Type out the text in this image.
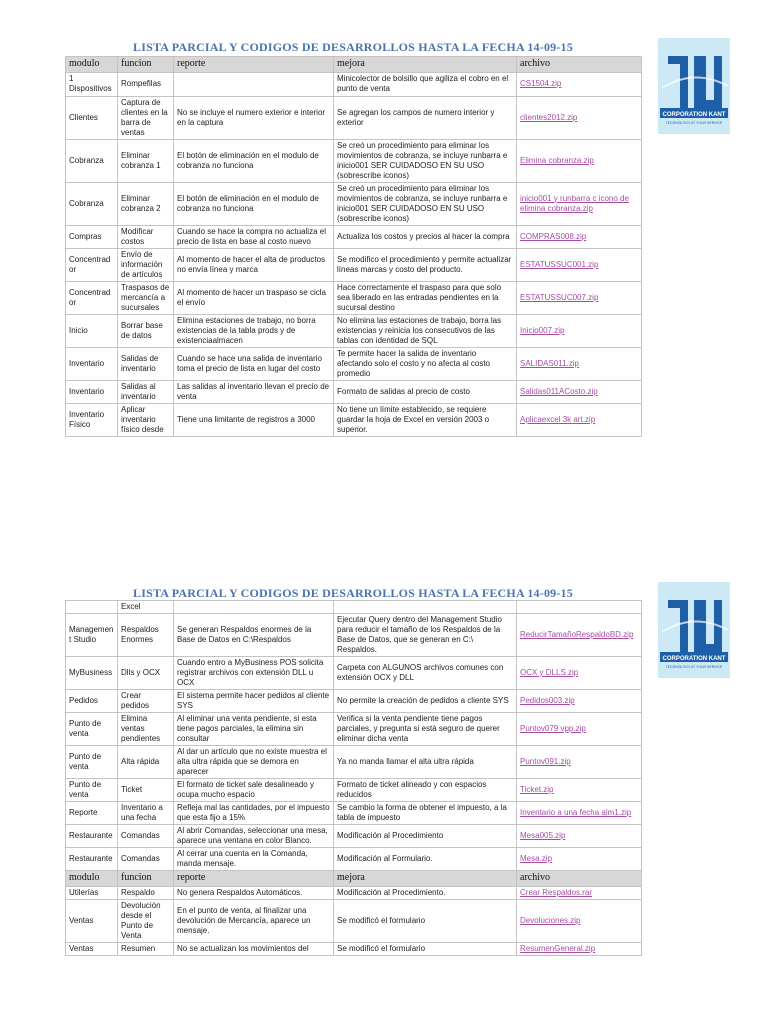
LISTA PARCIAL Y CODIGOS DE DESARROLLOS HASTA LA FECHA 14-09-15
CORPORATION KANT
TECHNOLOGY AT YOUR SERVICE
modulo	funcion	reporte	mejora	archivo
1 Dispositivos	Rompefilas		Minicolector de bolsillo que agiliza el cobro en el punto de venta	CS1504.zip
Clientes	Captura de clientes en la barra de ventas	No se incluye el numero exterior e interior en la captura	Se agregan los campos de numero interior y exterior	clientes2012.zip
Cobranza	Eliminar cobranza 1	El botón de eliminación en el modulo de cobranza no funciona	Se creó un procedimiento para eliminar los movimientos de cobranza, se incluye runbarra e inicio001 SER CUIDADOSO EN SU USO (sobrescribe iconos)	Elimina cobranza.zip
Cobranza	Eliminar cobranza 2	El botón de eliminación en el modulo de cobranza no funciona	Se creó un procedimiento para eliminar los movimientos de cobranza, se incluye runbarra e inicio001 SER CUIDADOSO EN SU USO (sobrescribe iconos)	inicio001 y runbarra c icono de elimina cobranza.zip
Compras	Modificar costos	Cuando se hace la compra no actualiza el precio de lista en base al costo nuevo	Actualiza los costos y precios al hacer la compra	COMPRAS008.zip
Concentrador	Envío de información de artículos	Al momento de hacer el alta de productos no envía línea y marca	Se modifico el procedimiento y permite actualizar líneas marcas y costo del producto.	ESTATUSSUC001.zip
Concentrador	Traspasos de mercancía a sucursales	Al momento de hacer un traspaso se cicla el envío	Hace correctamente el traspaso para que solo sea liberado en las entradas pendientes en la sucursal destino	ESTATUSSUC007.zip
Inicio	Borrar base de datos	Elimina estaciones de trabajo, no borra existencias de la tabla prods y de existenciaalmacen	No elimina las estaciones de trabajo, borra las existencias y reinicia los consecutivos de las tablas con identidad de SQL	Inicio007.zip
Inventario	Salidas de inventario	Cuando se hace una salida de inventario toma el precio de lista en lugar del costo	Te permite hacer la salida de inventario afectando solo el costo y no afecta al costo promedio	SALIDAS011.zip
Inventario	Salidas al inventario	Las salidas al inventario llevan el precio de venta	Formato de salidas al precio de costo	Salidas011ACosto.zip
Inventario Físico	Aplicar inventario físico desde	Tiene una limitante de registros a 3000	No tiene un límite establecido, se requiere guardar la hoja de Excel en versión 2003 o superior.	Aplicaexcel 3k art.zip
LISTA PARCIAL Y CODIGOS DE DESARROLLOS HASTA LA FECHA 14-09-15
CORPORATION KANT
TECHNOLOGY AT YOUR SERVICE
	Excel			
Management Studio	Respaldos Enormes	Se generan Respaldos enormes de la Base de Datos en C:\Respaldos	Ejecutar Query dentro del Management Studio para reducir el tamaño de los Respaldos de la Base de Datos, que se generan en C:\ Respaldos.	ReducirTamañoRespaldoBD.zip
MyBusiness	Dlls y OCX	Cuando entro a MyBusiness POS solicita registrar archivos con extensión DLL u OCX	Carpeta con ALGUNOS archivos comunes con extensión OCX y DLL	OCX y DLLS.zip
Pedidos	Crear pedidos	El sistema permite hacer pedidos al cliente SYS	No permite la creación de pedidos a cliente SYS	Pedidos003.zip
Punto de venta	Elimina ventas pendientes	Al eliminar una venta pendiente, si esta tiene pagos parciales, la elimina sin consultar	Verifica si la venta pendiente tiene pagos parciales, y pregunta si está seguro de querer eliminar dicha venta	Puntov079 vpp.zip
Punto de venta	Alta rápida	Al dar un artículo que no existe muestra el alta ultra rápida que se demora en aparecer	Ya no manda llamar el alta ultra rápida	Puntov091.zip
Punto de venta	Ticket	El formato de ticket sale desalineado y ocupa mucho espacio	Formato de ticket alineado y con espacios reducidos	Ticket.zip
Reporte	Inventario a una fecha	Refleja mal las cantidades, por el impuesto que esta fijo a 15%	Se cambio la forma de obtener el impuesto, a la tabla de impuesto	Inventario a una fecha alm1.zip
Restaurante	Comandas	Al abrir Comandas, seleccionar una mesa, aparece una ventana en color Blanco.	Modificación al Procedimiento	Mesa005.zip
Restaurante	Comandas	Al cerrar una cuenta en la Comanda, manda mensaje.	Modificación al Formulario.	Mesa.zip
modulo	funcion	reporte	mejora	archivo
Utilerías	Respaldo	No genera Respaldos Automáticos.	Modificación al Procedimiento.	Crear Respaldos.rar
Ventas	Devolución desde el Punto de Venta	En el punto de venta, al finalizar una devolución de Mercancía, aparece un mensaje.	Se modificó el formulario	Devoluciones.zip
Ventas	Resumen	No se actualizan los movimientos del	Se modificó el formulario	ResumenGeneral.zip
